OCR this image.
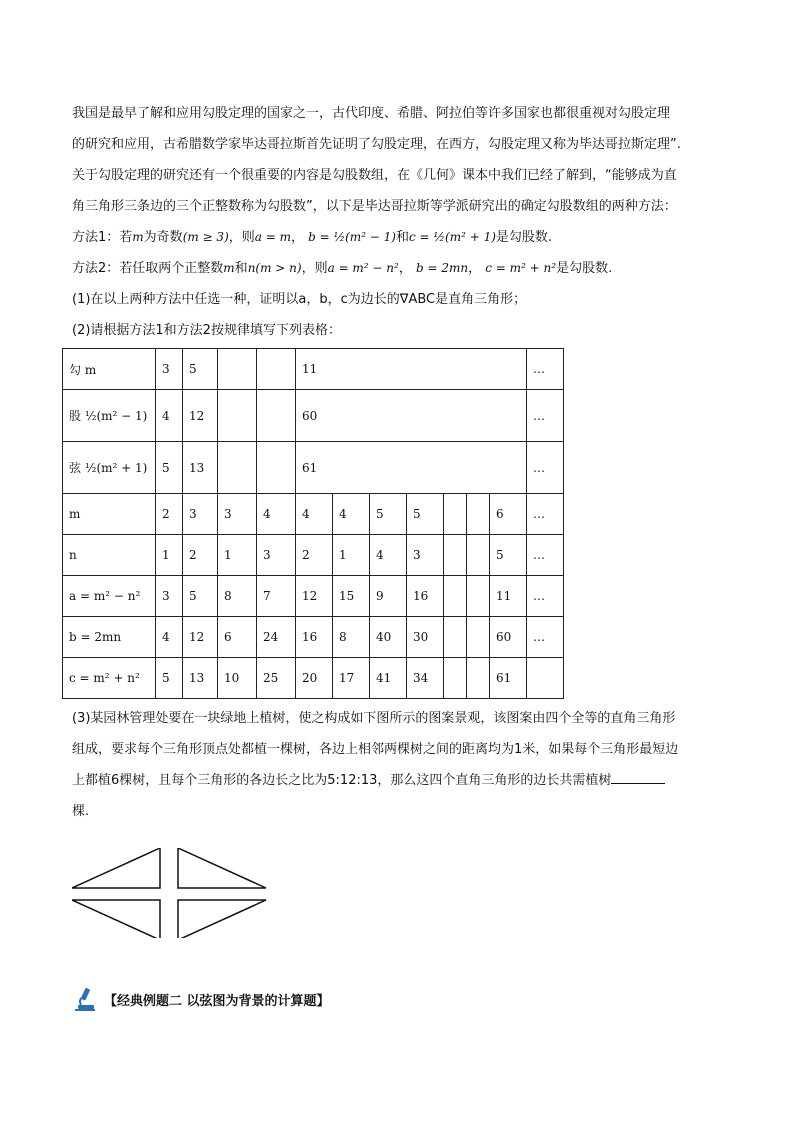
我国是最早了解和应用勾股定理的国家之一，古代印度、希腊、阿拉伯等许多国家也都很重视对勾股定理

的研究和应用，古希腊数学家毕达哥拉斯首先证明了勾股定理，在西方，勾股定理又称为毕达哥拉斯定理”.

关于勾股定理的研究还有一个很重要的内容是勾股数组，在《几何》课本中我们已经了解到，“能够成为直

角三角形三条边的三个正整数称为勾股数”，以下是毕达哥拉斯等学派研究出的确定勾股数组的两种方法：

方法1：若m为奇数(m ≥ 3)，则a = m， b = ½(m² − 1)和c = ½(m² + 1)是勾股数.

方法2：若任取两个正整数m和n(m > n)，则a = m² − n²， b = 2mn， c = m² + n²是勾股数.

(1)在以上两种方法中任选一种，证明以a，b，c为边长的∇ABC是直角三角形；

(2)请根据方法1和方法2按规律填写下列表格：

勾 m	3	5			11							…
股 ½(m² − 1)	4	12			60							…
弦 ½(m² + 1)	5	13			61							…
m	2	3	3	4	4	4	5	5			6	…
n	1	2	1	3	2	1	4	3			5	…
a = m² − n²	3	5	8	7	12	15	9	16			11	…
b = 2mn	4	12	6	24	16	8	40	30			60	…
c = m² + n²	5	13	10	25	20	17	41	34			61	

(3)某园林管理处要在一块绿地上植树，使之构成如下图所示的图案景观，该图案由四个全等的直角三角形

组成，要求每个三角形顶点处都植一棵树，各边上相邻两棵树之间的距离均为1米，如果每个三角形最短边

上都植6棵树，且每个三角形的各边长之比为5:12:13，那么这四个直角三角形的边长共需植树

棵.

【经典例题二 以弦图为背景的计算题】
